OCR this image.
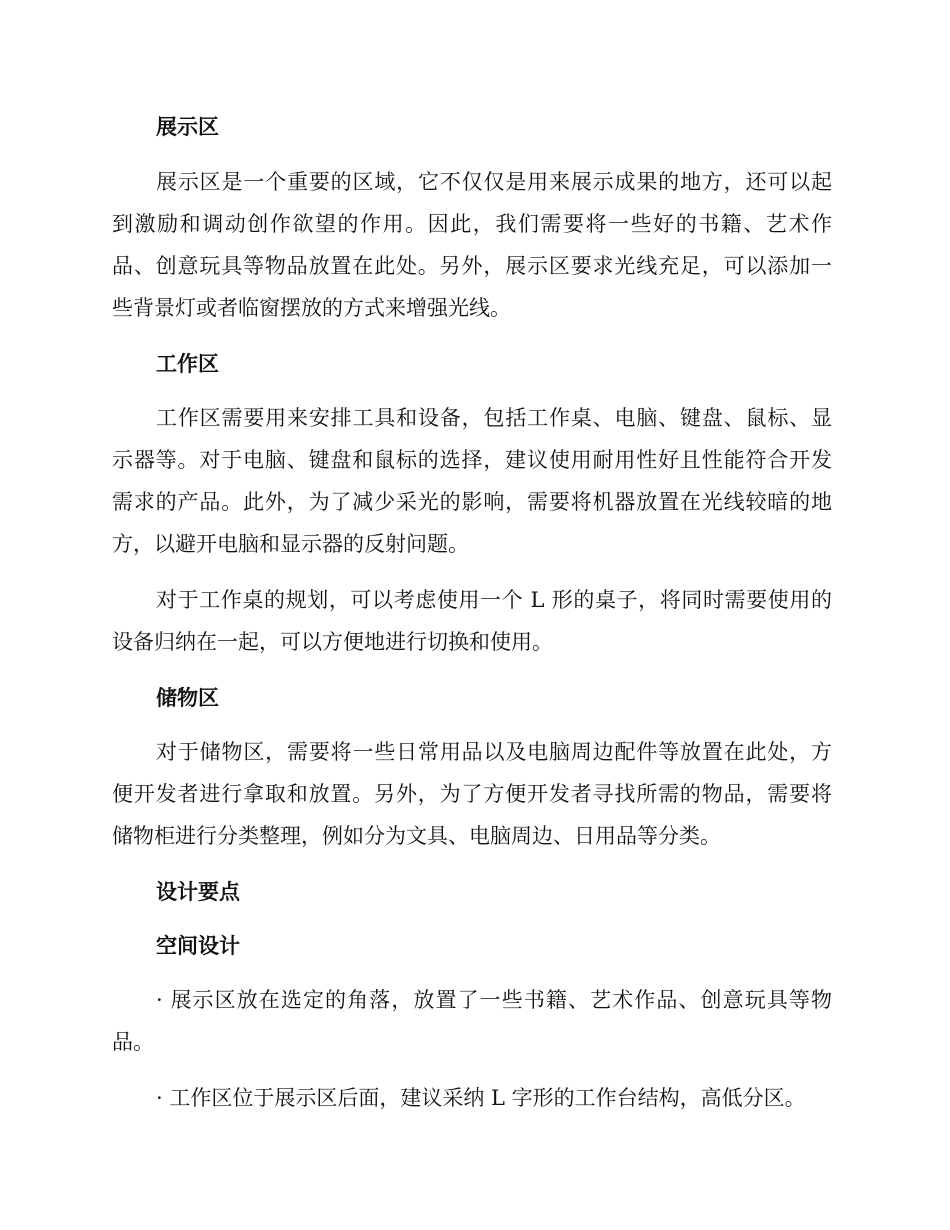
展示区
展示区是一个重要的区域，它不仅仅是用来展示成果的地方，还可以起
到激励和调动创作欲望的作用。因此，我们需要将一些好的书籍、艺术作
品、创意玩具等物品放置在此处。另外，展示区要求光线充足，可以添加一
些背景灯或者临窗摆放的方式来增强光线。
工作区
工作区需要用来安排工具和设备，包括工作桌、电脑、键盘、鼠标、显
示器等。对于电脑、键盘和鼠标的选择，建议使用耐用性好且性能符合开发
需求的产品。此外，为了减少采光的影响，需要将机器放置在光线较暗的地
方，以避开电脑和显示器的反射问题。
对于工作桌的规划，可以考虑使用一个 L 形的桌子，将同时需要使用的
设备归纳在一起，可以方便地进行切换和使用。
储物区
对于储物区，需要将一些日常用品以及电脑周边配件等放置在此处，方
便开发者进行拿取和放置。另外，为了方便开发者寻找所需的物品，需要将
储物柜进行分类整理，例如分为文具、电脑周边、日用品等分类。
设计要点
空间设计
· 展示区放在选定的角落，放置了一些书籍、艺术作品、创意玩具等物
品。
· 工作区位于展示区后面，建议采纳 L 字形的工作台结构，高低分区。
